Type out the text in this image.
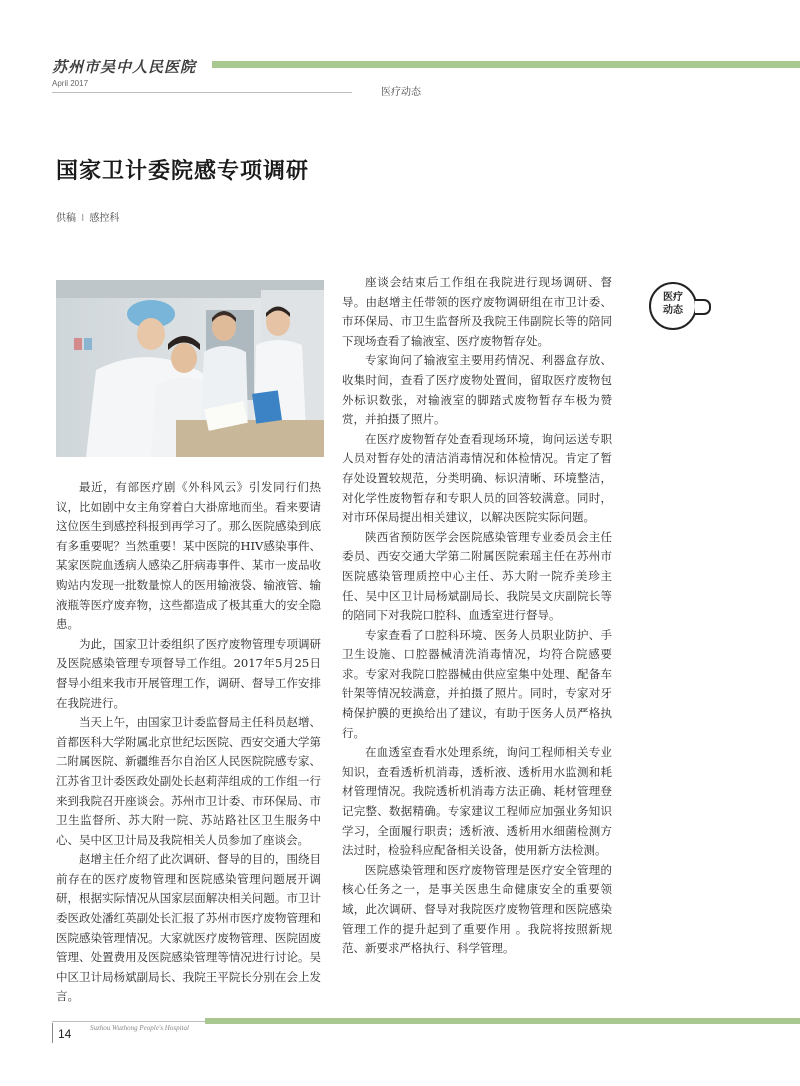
苏州市吴中人民医院
April 2017
医疗动态
国家卫计委院感专项调研
供稿 I 感控科
医疗
动态

最近，有部医疗剧《外科风云》引发同行们热议，比如剧中女主角穿着白大褂席地而坐。看来要请这位医生到感控科报到再学习了。那么医院感染到底有多重要呢？当然重要！某中医院的HIV感染事件、某家医院血透病人感染乙肝病毒事件、某市一废品收购站内发现一批数量惊人的医用输液袋、输液管、输液瓶等医疗废弃物，这些都造成了极其重大的安全隐患。

为此，国家卫计委组织了医疗废物管理专项调研及医院感染管理专项督导工作组。2017年5月25日督导小组来我市开展管理工作，调研、督导工作安排在我院进行。

当天上午，由国家卫计委监督局主任科员赵增、首都医科大学附属北京世纪坛医院、西安交通大学第二附属医院、新疆维吾尔自治区人民医院院感专家、江苏省卫计委医政处副处长赵莉萍组成的工作组一行来到我院召开座谈会。苏州市卫计委、市环保局、市卫生监督所、苏大附一院、苏站路社区卫生服务中心、吴中区卫计局及我院相关人员参加了座谈会。

赵增主任介绍了此次调研、督导的目的，围绕目前存在的医疗废物管理和医院感染管理问题展开调研，根据实际情况从国家层面解决相关问题。市卫计委医政处潘红英副处长汇报了苏州市医疗废物管理和医院感染管理情况。大家就医疗废物管理、医院固废管理、处置费用及医院感染管理等情况进行讨论。吴中区卫计局杨斌副局长、我院王平院长分别在会上发言。

座谈会结束后工作组在我院进行现场调研、督导。由赵增主任带领的医疗废物调研组在市卫计委、市环保局、市卫生监督所及我院王伟副院长等的陪同下现场查看了输液室、医疗废物暂存处。

专家询问了输液室主要用药情况、利器盒存放、收集时间，查看了医疗废物处置间，留取医疗废物包外标识数张，对输液室的脚踏式废物暂存车极为赞赏，并拍摄了照片。

在医疗废物暂存处查看现场环境，询问运送专职人员对暂存处的清洁消毒情况和体检情况。肯定了暂存处设置较规范，分类明确、标识清晰、环境整洁，对化学性废物暂存和专职人员的回答较满意。同时，对市环保局提出相关建议，以解决医院实际问题。

陕西省预防医学会医院感染管理专业委员会主任委员、西安交通大学第二附属医院索瑶主任在苏州市医院感染管理质控中心主任、苏大附一院乔美珍主任、吴中区卫计局杨斌副局长、我院吴文庆副院长等的陪同下对我院口腔科、血透室进行督导。

专家查看了口腔科环境、医务人员职业防护、手卫生设施、口腔器械清洗消毒情况，均符合院感要求。专家对我院口腔器械由供应室集中处理、配备车针架等情况较满意，并拍摄了照片。同时，专家对牙椅保护膜的更换给出了建议，有助于医务人员严格执行。

在血透室查看水处理系统，询问工程师相关专业知识，查看透析机消毒，透析液、透析用水监测和耗材管理情况。我院透析机消毒方法正确、耗材管理登记完整、数据精确。专家建议工程师应加强业务知识学习，全面履行职责；透析液、透析用水细菌检测方法过时，检验科应配备相关设备，使用新方法检测。

医院感染管理和医疗废物管理是医疗安全管理的核心任务之一，是事关医患生命健康安全的重要领域，此次调研、督导对我院医疗废物管理和医院感染管理工作的提升起到了重要作用 。我院将按照新规范、新要求严格执行、科学管理。

14	Suzhou Wuzhong People's Hospital
